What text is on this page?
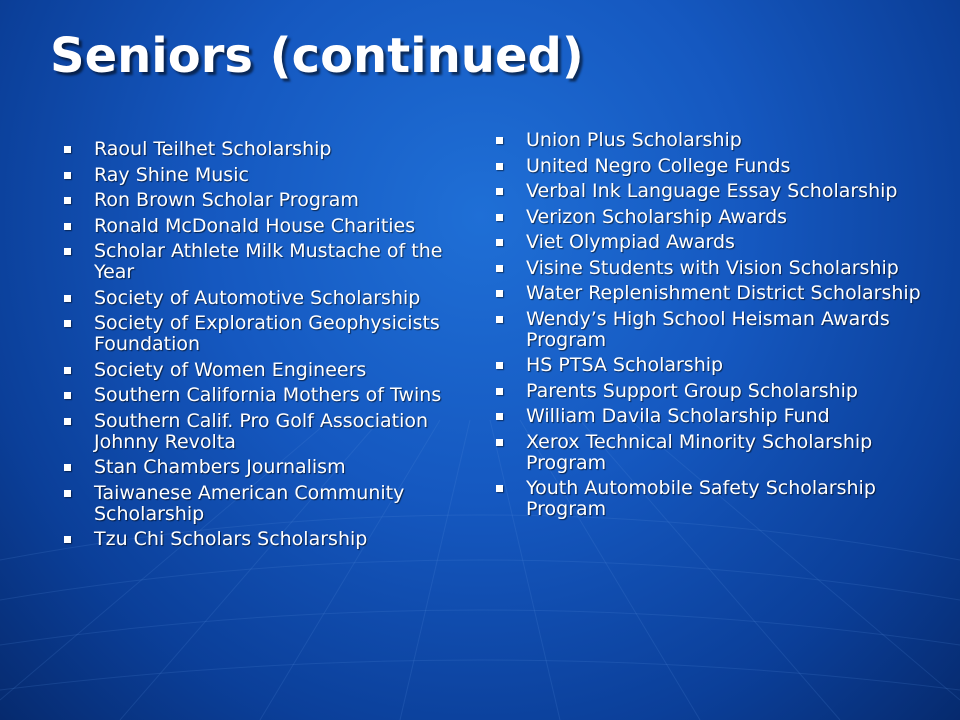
Seniors (continued)
Raoul Teilhet Scholarship
Ray Shine Music
Ron Brown Scholar Program
Ronald McDonald House Charities
Scholar Athlete Milk Mustache of the Year
Society of Automotive Scholarship
Society of Exploration Geophysicists Foundation
Society of Women Engineers
Southern California Mothers of Twins
Southern Calif. Pro Golf Association Johnny Revolta
Stan Chambers Journalism
Taiwanese American Community Scholarship
Tzu Chi Scholars Scholarship
Union Plus Scholarship
United Negro College Funds
Verbal Ink Language Essay Scholarship
Verizon Scholarship Awards
Viet Olympiad Awards
Visine Students with Vision Scholarship
Water Replenishment District Scholarship
Wendy’s High School Heisman Awards Program
HS PTSA Scholarship
Parents Support Group Scholarship
William Davila Scholarship Fund
Xerox Technical Minority Scholarship Program
Youth Automobile Safety Scholarship Program
